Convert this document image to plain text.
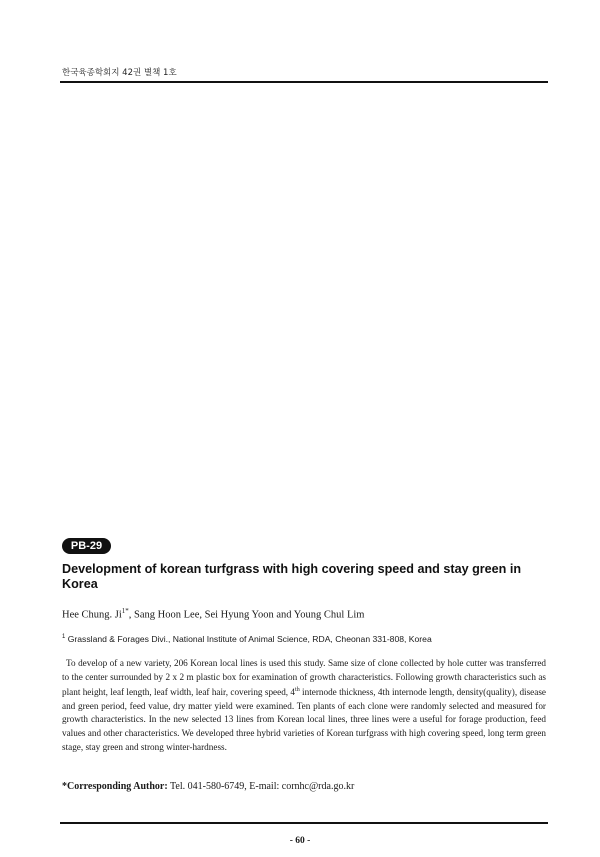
한국육종학회지 42권 별책 1호
PB-29
Development of korean turfgrass with high covering speed and stay green in Korea
Hee Chung. $Ji^{1*}$, Sang Hoon Lee, Sei Hyung Yoon and Young Chul Lim
$^1$ Grassland & Forages Divi., National Institute of Animal Science, RDA, Cheonan 331-808, Korea

To develop of a new variety, 206 Korean local lines is used this study. Same size of clone collected by hole cutter was transferred to the center surrounded by 2 x 2 m plastic box for examination of growth characteristics. Following growth characteristics such as plant height, leaf length, leaf width, leaf hair, covering speed, 4th internode thickness, 4th internode length, density(quality), disease and green period, feed value, dry matter yield were examined. Ten plants of each clone were randomly selected and measured for growth characteristics. In the new selected 13 lines from Korean local lines, three lines were a useful for forage production, feed values and other characteristics. We developed three hybrid varieties of Korean turfgrass with high covering speed, long term green stage, stay green and strong winter-hardness.

*Corresponding Author: Tel. 041-580-6749, E-mail: cornhc@rda.go.kr
- 60 -
